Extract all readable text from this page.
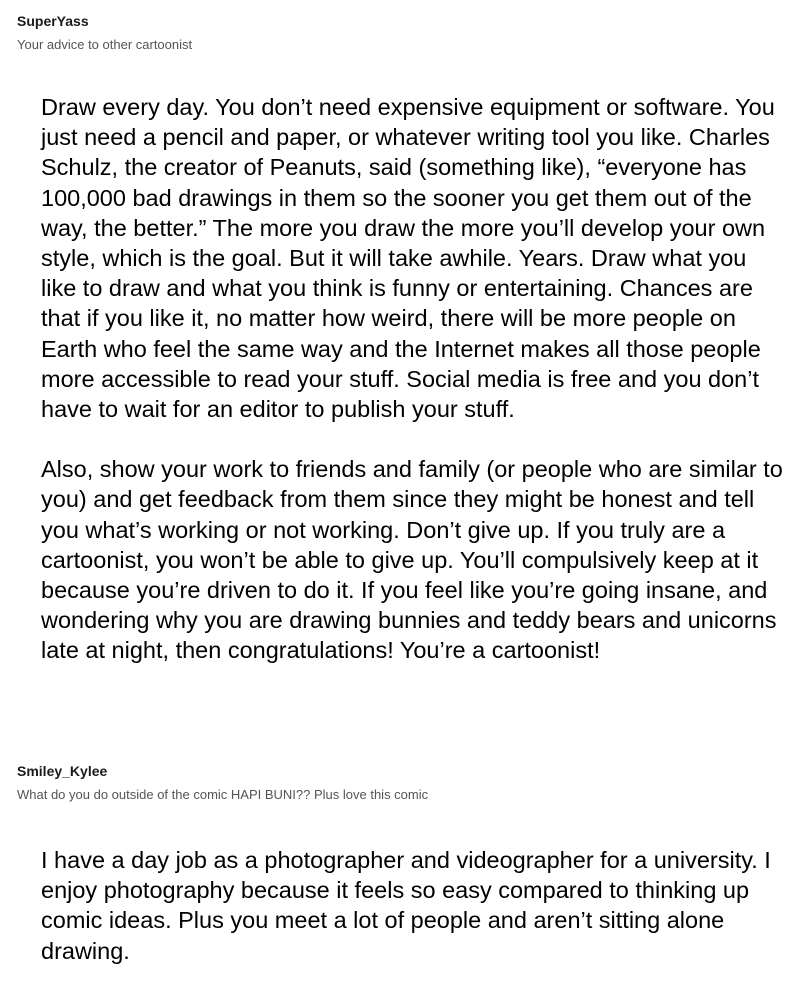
SuperYass
Your advice to other cartoonist

Draw every day. You don’t need expensive equipment or software. You just need a pencil and paper, or whatever writing tool you like. Charles Schulz, the creator of Peanuts, said (something like), “everyone has 100,000 bad drawings in them so the sooner you get them out of the way, the better.” The more you draw the more you’ll develop your own style, which is the goal. But it will take awhile. Years. Draw what you like to draw and what you think is funny or entertaining. Chances are that if you like it, no matter how weird, there will be more people on Earth who feel the same way and the Internet makes all those people more accessible to read your stuff. Social media is free and you don’t have to wait for an editor to publish your stuff.

Also, show your work to friends and family (or people who are similar to you) and get feedback from them since they might be honest and tell you what’s working or not working. Don’t give up. If you truly are a cartoonist, you won’t be able to give up. You’ll compulsively keep at it because you’re driven to do it. If you feel like you’re going insane, and wondering why you are drawing bunnies and teddy bears and unicorns late at night, then congratulations! You’re a cartoonist!

Smiley_Kylee
What do you do outside of the comic HAPI BUNI?? Plus love this comic

I have a day job as a photographer and videographer for a university. I enjoy photography because it feels so easy compared to thinking up comic ideas. Plus you meet a lot of people and aren’t sitting alone drawing.
